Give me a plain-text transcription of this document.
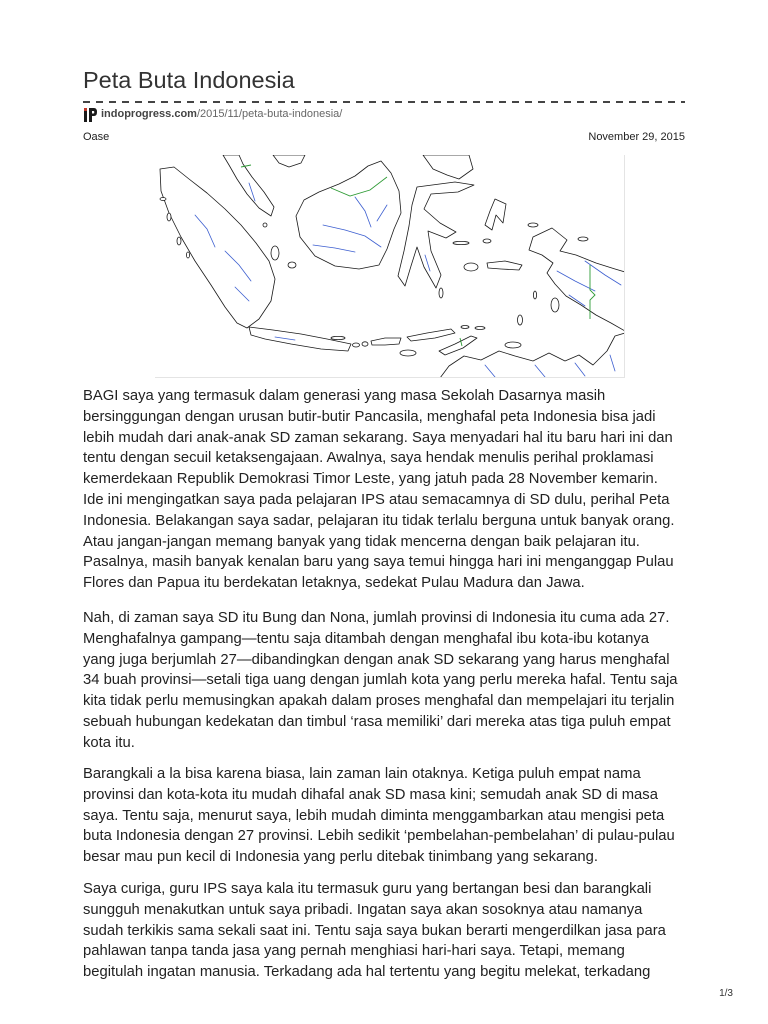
Peta Buta Indonesia
indoprogress.com/2015/11/peta-buta-indonesia/
Oase	November 29, 2015
BAGI saya yang termasuk dalam generasi yang masa Sekolah Dasarnya masih
bersinggungan dengan urusan butir-butir Pancasila, menghafal peta Indonesia bisa jadi
lebih mudah dari anak-anak SD zaman sekarang. Saya menyadari hal itu baru hari ini dan
tentu dengan secuil ketaksengajaan. Awalnya, saya hendak menulis perihal proklamasi
kemerdekaan Republik Demokrasi Timor Leste, yang jatuh pada 28 November kemarin.
Ide ini mengingatkan saya pada pelajaran IPS atau semacamnya di SD dulu, perihal Peta
Indonesia. Belakangan saya sadar, pelajaran itu tidak terlalu berguna untuk banyak orang.
Atau jangan-jangan memang banyak yang tidak mencerna dengan baik pelajaran itu.
Pasalnya, masih banyak kenalan baru yang saya temui hingga hari ini menganggap Pulau
Flores dan Papua itu berdekatan letaknya, sedekat Pulau Madura dan Jawa.
Nah, di zaman saya SD itu Bung dan Nona, jumlah provinsi di Indonesia itu cuma ada 27.
Menghafalnya gampang—tentu saja ditambah dengan menghafal ibu kota-ibu kotanya
yang juga berjumlah 27—dibandingkan dengan anak SD sekarang yang harus menghafal
34 buah provinsi—setali tiga uang dengan jumlah kota yang perlu mereka hafal. Tentu saja
kita tidak perlu memusingkan apakah dalam proses menghafal dan mempelajari itu terjalin
sebuah hubungan kedekatan dan timbul ‘rasa memiliki’ dari mereka atas tiga puluh empat
kota itu.
Barangkali a la bisa karena biasa, lain zaman lain otaknya. Ketiga puluh empat nama
provinsi dan kota-kota itu mudah dihafal anak SD masa kini; semudah anak SD di masa
saya. Tentu saja, menurut saya, lebih mudah diminta menggambarkan atau mengisi peta
buta Indonesia dengan 27 provinsi. Lebih sedikit ‘pembelahan-pembelahan’ di pulau-pulau
besar mau pun kecil di Indonesia yang perlu ditebak tinimbang yang sekarang.
Saya curiga, guru IPS saya kala itu termasuk guru yang bertangan besi dan barangkali
sungguh menakutkan untuk saya pribadi. Ingatan saya akan sosoknya atau namanya
sudah terkikis sama sekali saat ini. Tentu saja saya bukan berarti mengerdilkan jasa para
pahlawan tanpa tanda jasa yang pernah menghiasi hari-hari saya. Tetapi, memang
begitulah ingatan manusia. Terkadang ada hal tertentu yang begitu melekat, terkadang
1/3
